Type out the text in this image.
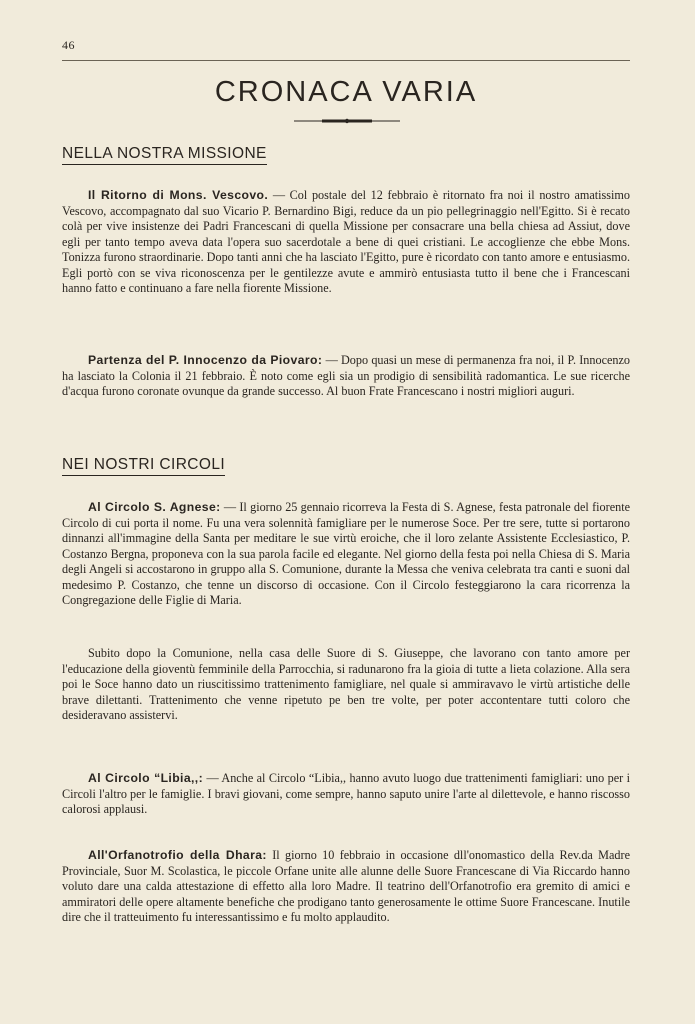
46
CRONACA VARIA
NELLA NOSTRA MISSIONE

Il Ritorno di Mons. Vescovo. — Col postale del 12 febbraio è ritornato fra noi il nostro amatissimo Vescovo, accompagnato dal suo Vicario P. Bernardino Bigi, reduce da un pio pellegrinaggio nell'Egitto. Si è recato colà per vive insistenze dei Padri Francescani di quella Missione per consacrare una bella chiesa ad Assiut, dove egli per tanto tempo aveva data l'opera suo sacerdotale a bene di quei cristiani. Le accoglienze che ebbe Mons. Tonizza furono straordinarie. Dopo tanti anni che ha lasciato l'Egitto, pure è ricordato con tanto amore e entusiasmo. Egli portò con se viva riconoscenza per le gentilezze avute e ammirò entusiasta tutto il bene che i Francescani hanno fatto e continuano a fare nella fiorente Missione.

Partenza del P. Innocenzo da Piovaro: — Dopo quasi un mese di permanenza fra noi, il P. Innocenzo ha lasciato la Colonia il 21 febbraio. È noto come egli sia un prodigio di sensibilità radomantica. Le sue ricerche d'acqua furono coronate ovunque da grande successo. Al buon Frate Francescano i nostri migliori auguri.

NEI NOSTRI CIRCOLI

Al Circolo S. Agnese: — Il giorno 25 gennaio ricorreva la Festa di S. Agnese, festa patronale del fiorente Circolo di cui porta il nome. Fu una vera solennità famigliare per le numerose Soce. Per tre sere, tutte si portarono dinnanzi all'immagine della Santa per meditare le sue virtù eroiche, che il loro zelante Assistente Ecclesiastico, P. Costanzo Bergna, proponeva con la sua parola facile ed elegante. Nel giorno della festa poi nella Chiesa di S. Maria degli Angeli si accostarono in gruppo alla S. Comunione, durante la Messa che veniva celebrata tra canti e suoni dal medesimo P. Costanzo, che tenne un discorso di occasione. Con il Circolo festeggiarono la cara ricorrenza la Congregazione delle Figlie di Maria.

Subito dopo la Comunione, nella casa delle Suore di S. Giuseppe, che lavorano con tanto amore per l'educazione della gioventù femminile della Parrocchia, si radunarono fra la gioia di tutte a lieta colazione. Alla sera poi le Soce hanno dato un riuscitissimo trattenimento famigliare, nel quale si ammiravavo le virtù artistiche delle brave dilettanti. Trattenimento che venne ripetuto pe ben tre volte, per poter accontentare tutti coloro che desideravano assistervi.

Al Circolo “Libia,,: — Anche al Circolo “Libia,, hanno avuto luogo due trattenimenti famigliari: uno per i Circoli l'altro per le famiglie. I bravi giovani, come sempre, hanno saputo unire l'arte al dilettevole, e hanno riscosso calorosi applausi.

All'Orfanotrofio della Dhara: Il giorno 10 febbraio in occasione dll'onomastico della Rev.da Madre Provinciale, Suor M. Scolastica, le piccole Orfane unite alle alunne delle Suore Francescane di Via Riccardo hanno voluto dare una calda attestazione di effetto alla loro Madre. Il teatrino dell'Orfanotrofio era gremito di amici e ammiratori delle opere altamente benefiche che prodigano tanto generosamente le ottime Suore Francescane. Inutile dire che il tratteuimento fu interessantissimo e fu molto applaudito.
